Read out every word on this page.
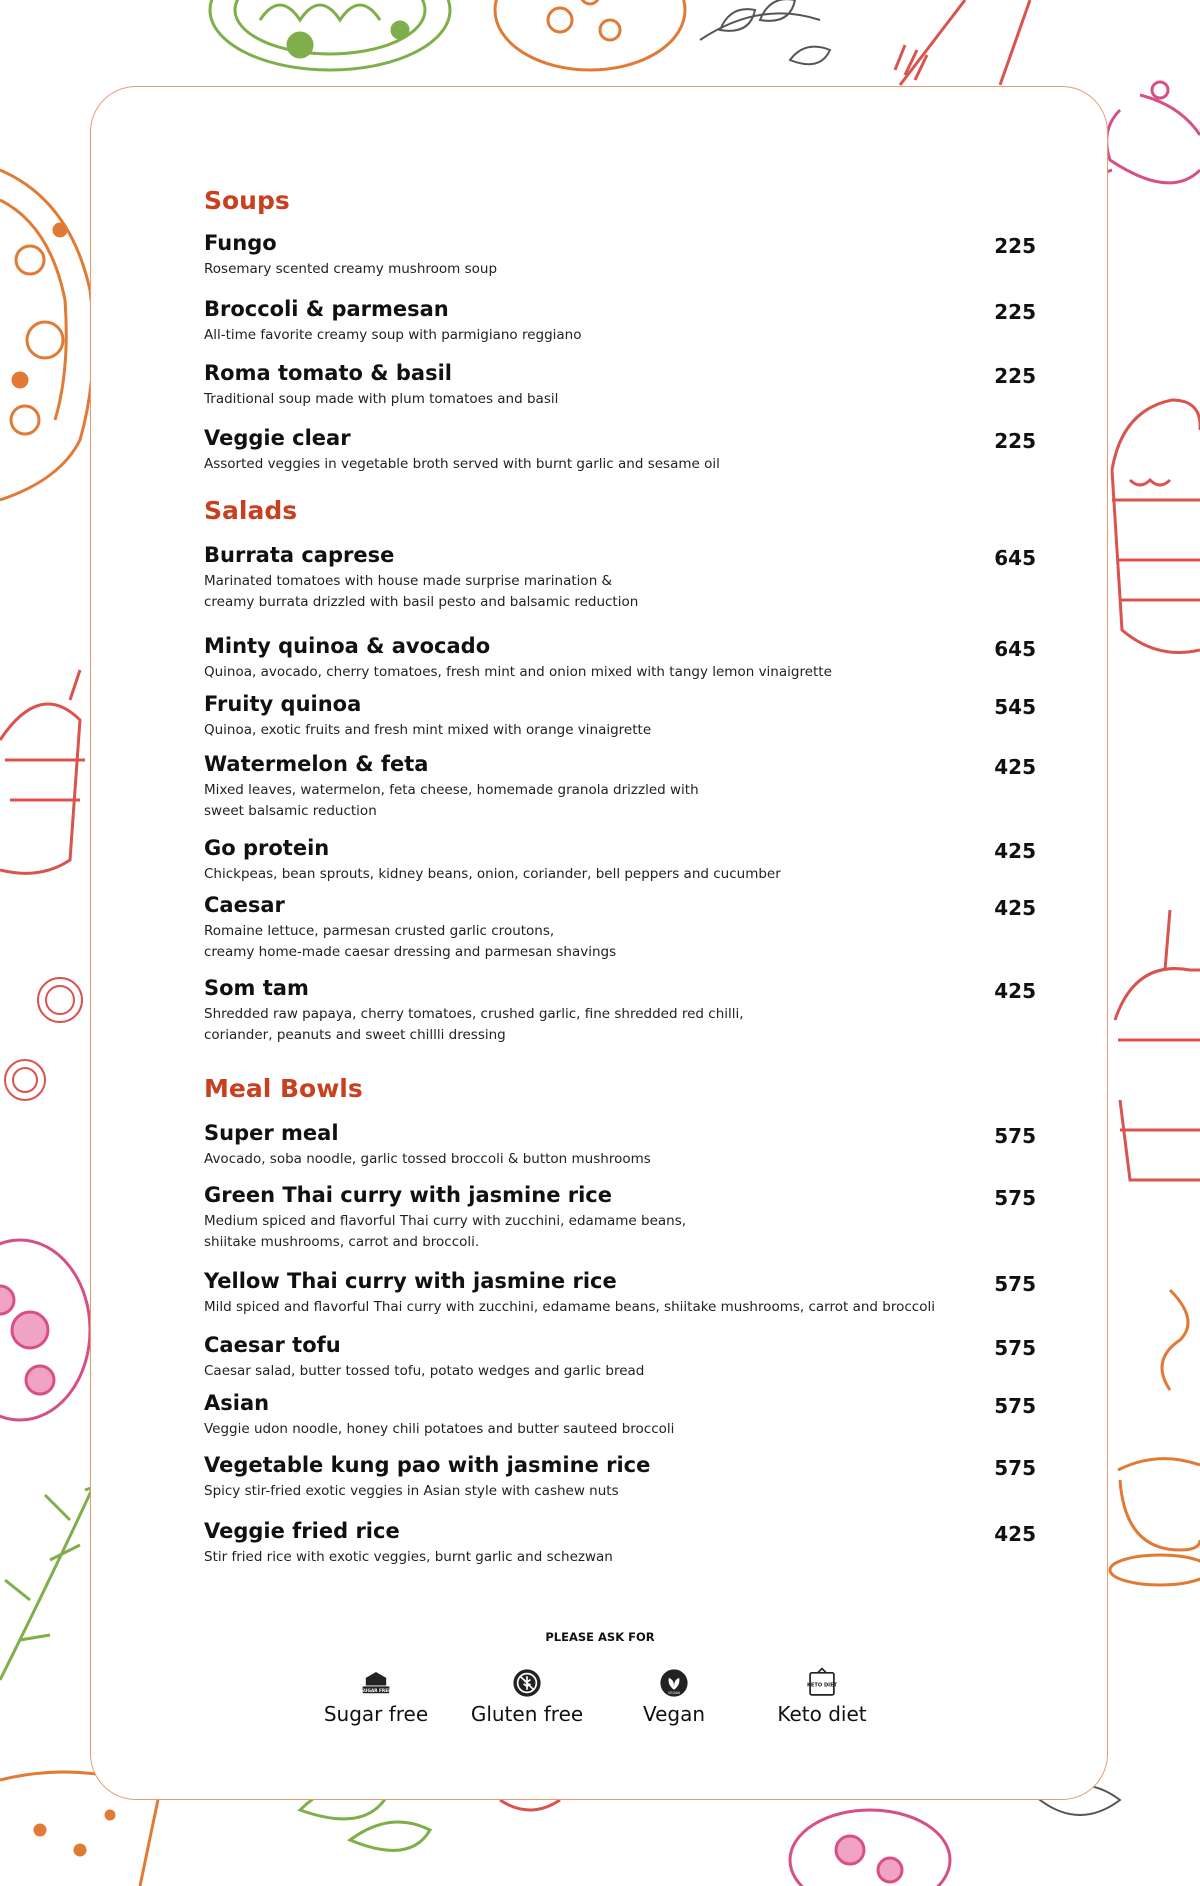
Soups
Fungo
Rosemary scented creamy mushroom soup
225
Broccoli & parmesan
All-time favorite creamy soup with parmigiano reggiano
225
Roma tomato & basil
Traditional soup made with plum tomatoes and basil
225
Veggie clear
Assorted veggies in vegetable broth served with burnt garlic and sesame oil
225
Salads
Burrata caprese
Marinated tomatoes with house made surprise marination &
creamy burrata drizzled with basil pesto and balsamic reduction
645
Minty quinoa & avocado
Quinoa, avocado, cherry tomatoes, fresh mint and onion mixed with tangy lemon vinaigrette
645
Fruity quinoa
Quinoa, exotic fruits and fresh mint mixed with orange vinaigrette
545
Watermelon & feta
Mixed leaves, watermelon, feta cheese, homemade granola drizzled with
sweet balsamic reduction
425
Go protein
Chickpeas, bean sprouts, kidney beans, onion, coriander, bell peppers and cucumber
425
Caesar
Romaine lettuce, parmesan crusted garlic croutons,
creamy home-made caesar dressing and parmesan shavings
425
Som tam
Shredded raw papaya, cherry tomatoes, crushed garlic, fine shredded red chilli,
coriander, peanuts and sweet chillli dressing
425
Meal Bowls
Super meal
Avocado, soba noodle, garlic tossed broccoli & button mushrooms
575
Green Thai curry with jasmine rice
Medium spiced and flavorful Thai curry with zucchini, edamame beans,
shiitake mushrooms, carrot and broccoli.
575
Yellow Thai curry with jasmine rice
Mild spiced and flavorful Thai curry with zucchini, edamame beans, shiitake mushrooms, carrot and broccoli
575
Caesar tofu
Caesar salad, butter tossed tofu, potato wedges and garlic bread
575
Asian
Veggie udon noodle, honey chili potatoes and butter sauteed broccoli
575
Vegetable kung pao with jasmine rice
Spicy stir-fried exotic veggies in Asian style with cashew nuts
575
Veggie fried rice
Stir fried rice with exotic veggies, burnt garlic and schezwan
425
PLEASE ASK FOR
SUGAR FREE
Sugar free	Gluten free
VEGAN
Vegan
KETO DIET
Keto diet
